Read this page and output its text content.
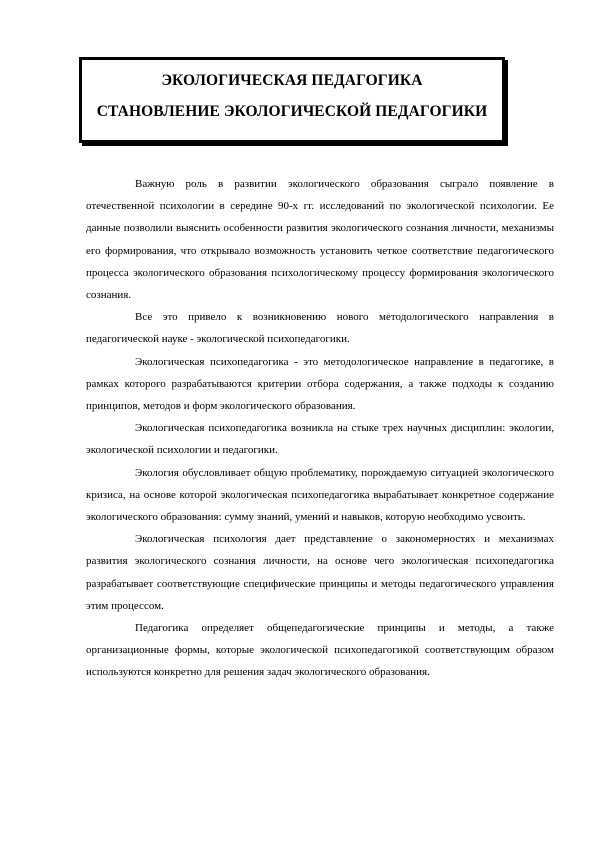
ЭКОЛОГИЧЕСКАЯ ПЕДАГОГИКА
СТАНОВЛЕНИЕ ЭКОЛОГИЧЕСКОЙ ПЕДАГОГИКИ

Важную роль в развитии экологического образования сыграло появление в отечественной психологии в середине 90-х гг. исследований по экологической психологии. Ее данные позволили выяснить особенности развития экологического сознания личности, механизмы его формирования, что открывало возможность установить четкое соответствие педагогического процесса экологического образования психологическому процессу формирования экологического сознания.

Все это привело к возникновению нового методологического направления в педагогической науке - экологической психопедагогики.

Экологическая психопедагогика - это методологическое направление в педагогике, в рамках которого разрабатываются критерии отбора содержания, а также подходы к созданию принципов, методов и форм экологического образования.

Экологическая психопедагогика возникла на стыке трех научных дисциплин: экологии, экологической психологии и педагогики.

Экология обусловливает общую проблематику, порождаемую ситуацией экологического кризиса, на основе которой экологическая психопедагогика вырабатывает конкретное содержание экологического образования: сумму знаний, умений и навыков, которую необходимо усвоить.

Экологическая психология дает представление о закономерностях и механизмах развития экологического сознания личности, на основе чего экологическая психопедагогика разрабатывает соответствующие специфические принципы и методы педагогического управления этим процессом.

Педагогика определяет общепедагогические принципы и методы, а также организационные формы, которые экологической психопедагогикой соответствующим образом используются конкретно для решения задач экологического образования.
